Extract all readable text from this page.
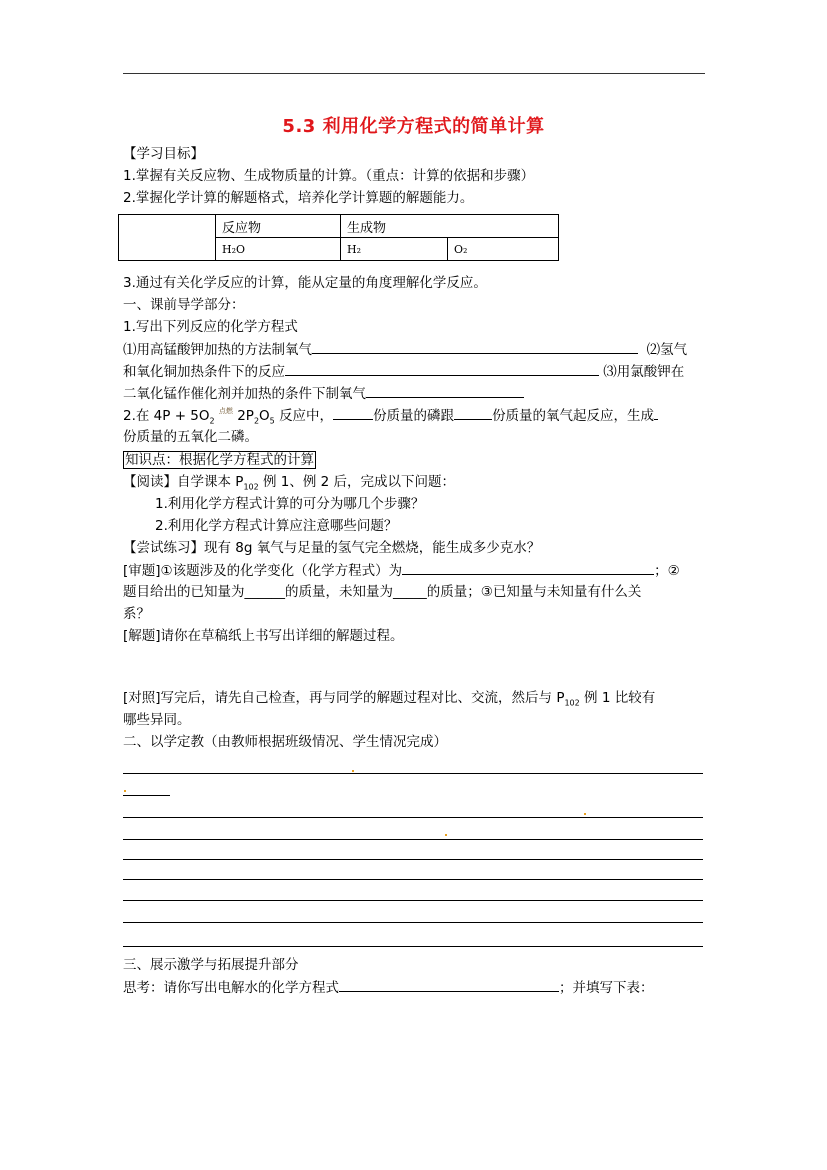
5.3 利用化学方程式的简单计算
【学习目标】
1.掌握有关反应物、生成物质量的计算。（重点：计算的依据和步骤）
2.掌握化学计算的解题格式，培养化学计算题的解题能力。
	反应物	生成物	
	H₂O	H₂	O₂
3.通过有关化学反应的计算，能从定量的角度理解化学反应。
一、课前导学部分：
1.写出下列反应的化学方程式
⑴用高锰酸钾加热的方法制氧气	⑵氢气
和氧化铜加热条件下的反应	⑶用氯酸钾在
二氧化锰作催化剂并加热的条件下制氧气
2.在 $4P + 5O_2$ $^{点燃}$ $2P_2O_5$ 反应中，	份质量的磷跟	份质量的氧气起反应，生成
份质量的五氧化二磷。
知识点：根据化学方程式的计算
【阅读】自学课本 $P_{102}$ 例 1、例 2 后，完成以下问题：
1.利用化学方程式计算的可分为哪几个步骤？
2.利用化学方程式计算应注意哪些问题？
【尝试练习】现有 8g 氧气与足量的氢气完全燃烧，能生成多少克水？
[审题]①该题涉及的化学变化（化学方程式）为	；②
题目给出的已知量为______的质量，未知量为_____的质量；③已知量与未知量有什么关
系？
[解题]请你在草稿纸上书写出详细的解题过程。
[对照]写完后，请先自己检查，再与同学的解题过程对比、交流，然后与 $P_{102}$ 例 1 比较有
哪些异同。
二、以学定教（由教师根据班级情况、学生情况完成）
三、展示激学与拓展提升部分
思考：请你写出电解水的化学方程式	；并填写下表：
